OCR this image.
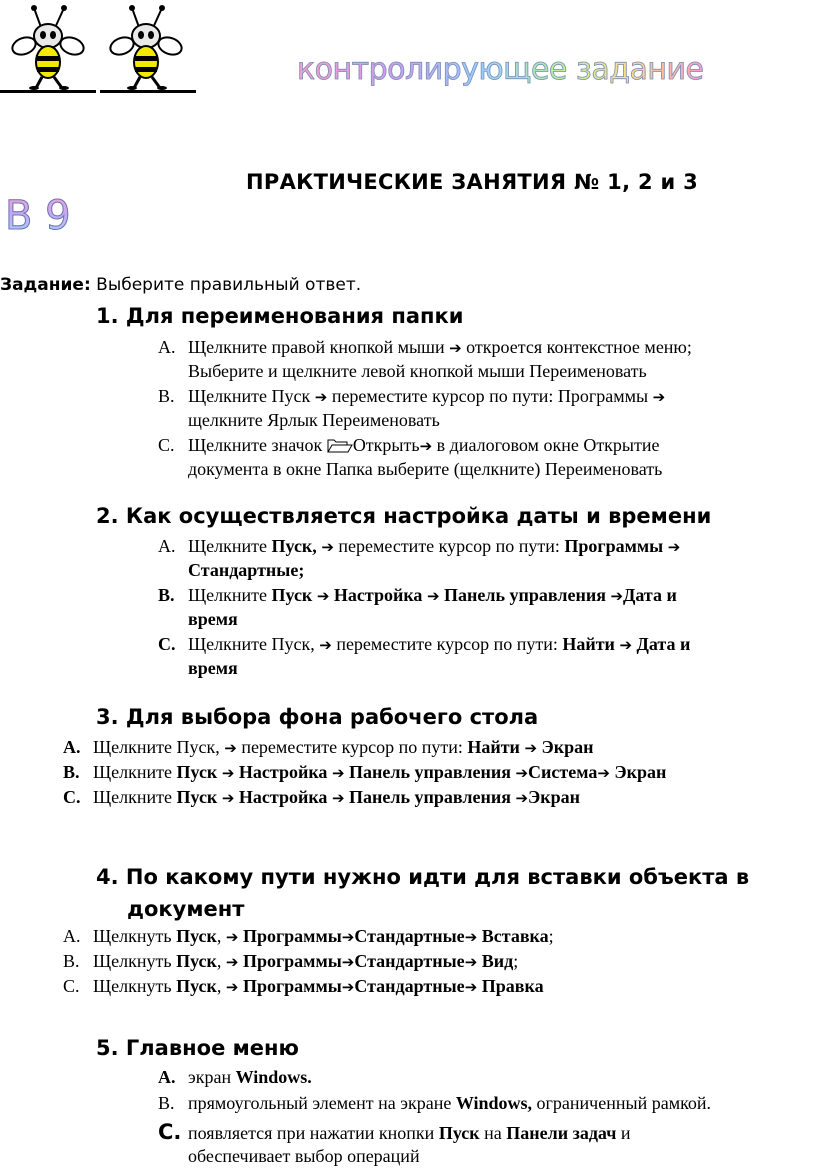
контролирующее задание
В 9
ПРАКТИЧЕСКИЕ ЗАНЯТИЯ № 1, 2 и 3
Задание: Выберите правильный ответ.
1. Для переименования папки
A. Щелкните правой кнопкой мыши ➔ откроется контекстное меню;
Выберите и щелкните левой кнопкой мыши Переименовать
B. Щелкните Пуск ➔ переместите курсор по пути: Программы ➔
щелкните Ярлык Переименовать
C. Щелкните значок Открыть➔ в диалоговом окне Открытие
документа в окне Папка выберите (щелкните) Переименовать
2. Как осуществляется настройка даты и времени
A. Щелкните Пуск, ➔ переместите курсор по пути: Программы ➔
Стандартные;
B. Щелкните Пуск ➔ Настройка ➔ Панель управления ➔Дата и
время
C. Щелкните Пуск, ➔ переместите курсор по пути: Найти ➔ Дата и
время
3. Для выбора фона рабочего стола
A. Щелкните Пуск, ➔ переместите курсор по пути: Найти ➔ Экран
B. Щелкните Пуск ➔ Настройка ➔ Панель управления ➔Система➔ Экран
C. Щелкните Пуск ➔ Настройка ➔ Панель управления ➔Экран
4. По какому пути нужно идти для вставки объекта в
документ
A. Щелкнуть Пуск, ➔ Программы➔Стандартные➔ Вставка;
B. Щелкнуть Пуск, ➔ Программы➔Стандартные➔ Вид;
C. Щелкнуть Пуск, ➔ Программы➔Стандартные➔ Правка
5. Главное меню
A. экран Windows.
B. прямоугольный элемент на экране Windows, ограниченный рамкой.
C. появляется при нажатии кнопки Пуск на Панели задач и
обеспечивает выбор операций
